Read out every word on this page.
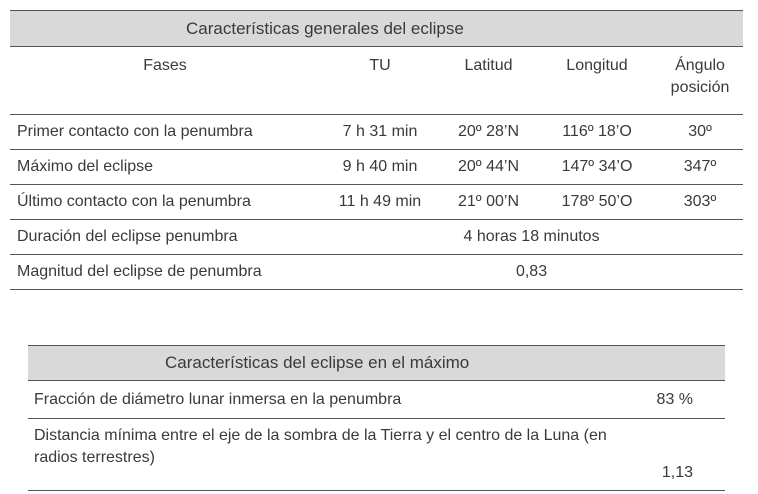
Características generales del eclipse				
Fases	TU	Latitud	Longitud	Ángulo posición
Primer contacto con la penumbra	7 h 31 min	20º 28’N	116º 18’O	30º
Máximo del eclipse	9 h 40 min	20º 44’N	147º 34’O	347º
Último contacto con la penumbra	11 h 49 min	21º 00’N	178º 50’O	303º
Duración del eclipse penumbra	4 horas 18 minutos			
Magnitud del eclipse de penumbra	0,83			
Características del eclipse en el máximo	
Fracción de diámetro lunar inmersa en la penumbra	83 %
Distancia mínima entre el eje de la sombra de la Tierra y el centro de la Luna (en radios terrestres)	1,13
